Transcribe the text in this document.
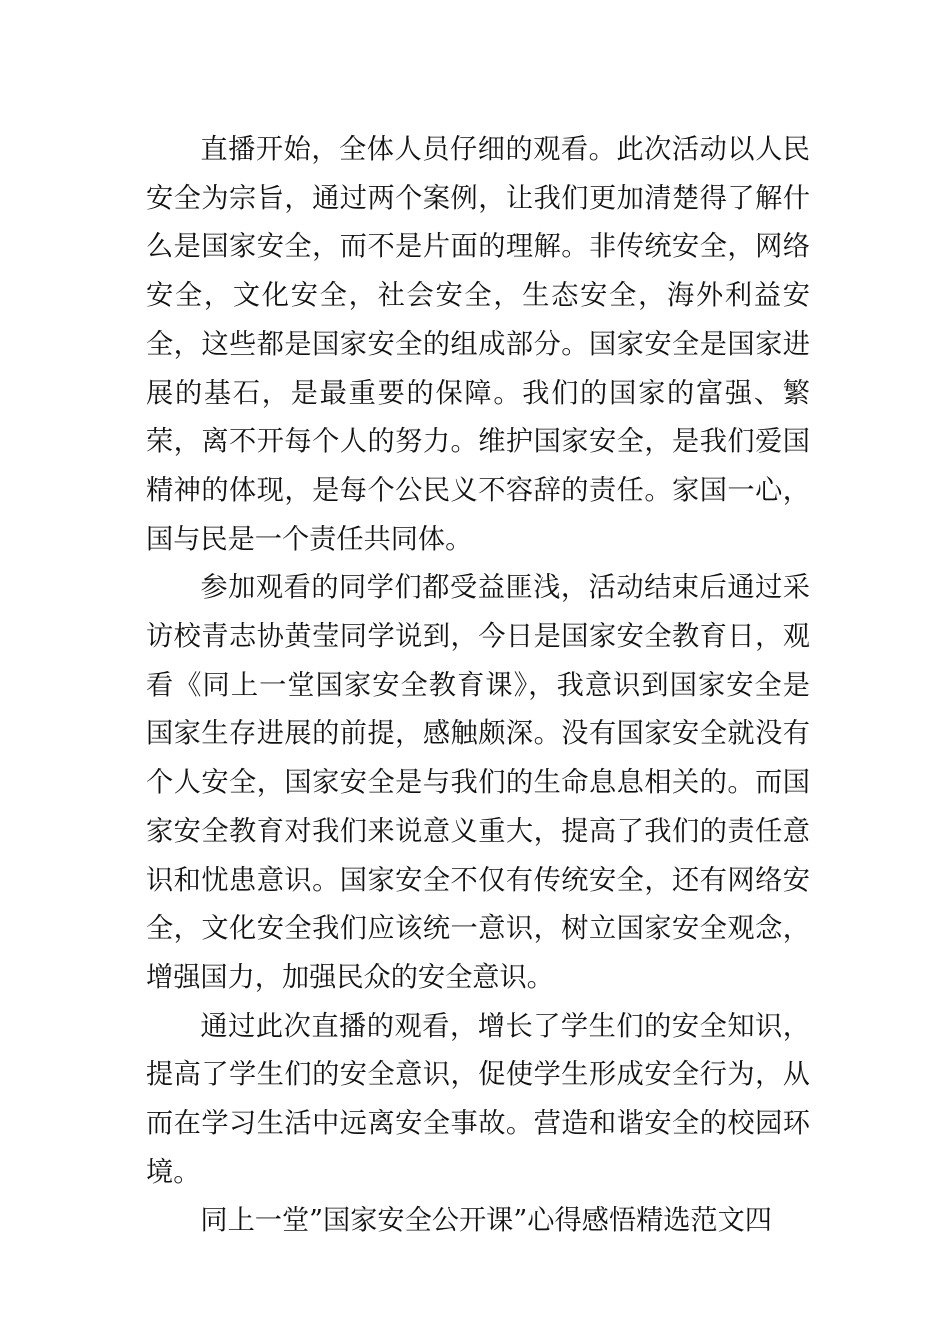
直播开始，全体人员仔细的观看。此次活动以人民安全为宗旨，通过两个案例，让我们更加清楚得了解什么是国家安全，而不是片面的理解。非传统安全，网络安全，文化安全，社会安全，生态安全，海外利益安全，这些都是国家安全的组成部分。国家安全是国家进展的基石，是最重要的保障。我们的国家的富强、繁荣，离不开每个人的努力。维护国家安全，是我们爱国精神的体现，是每个公民义不容辞的责任。家国一心，国与民是一个责任共同体。

参加观看的同学们都受益匪浅，活动结束后通过采访校青志协黄莹同学说到，今日是国家安全教育日，观看《同上一堂国家安全教育课》，我意识到国家安全是国家生存进展的前提，感触颇深。没有国家安全就没有个人安全，国家安全是与我们的生命息息相关的。而国家安全教育对我们来说意义重大，提高了我们的责任意识和忧患意识。国家安全不仅有传统安全，还有网络安全，文化安全我们应该统一意识，树立国家安全观念，增强国力，加强民众的安全意识。

通过此次直播的观看，增长了学生们的安全知识，提高了学生们的安全意识，促使学生形成安全行为，从而在学习生活中远离安全事故。营造和谐安全的校园环境。

同上一堂”国家安全公开课”心得感悟精选范文四
